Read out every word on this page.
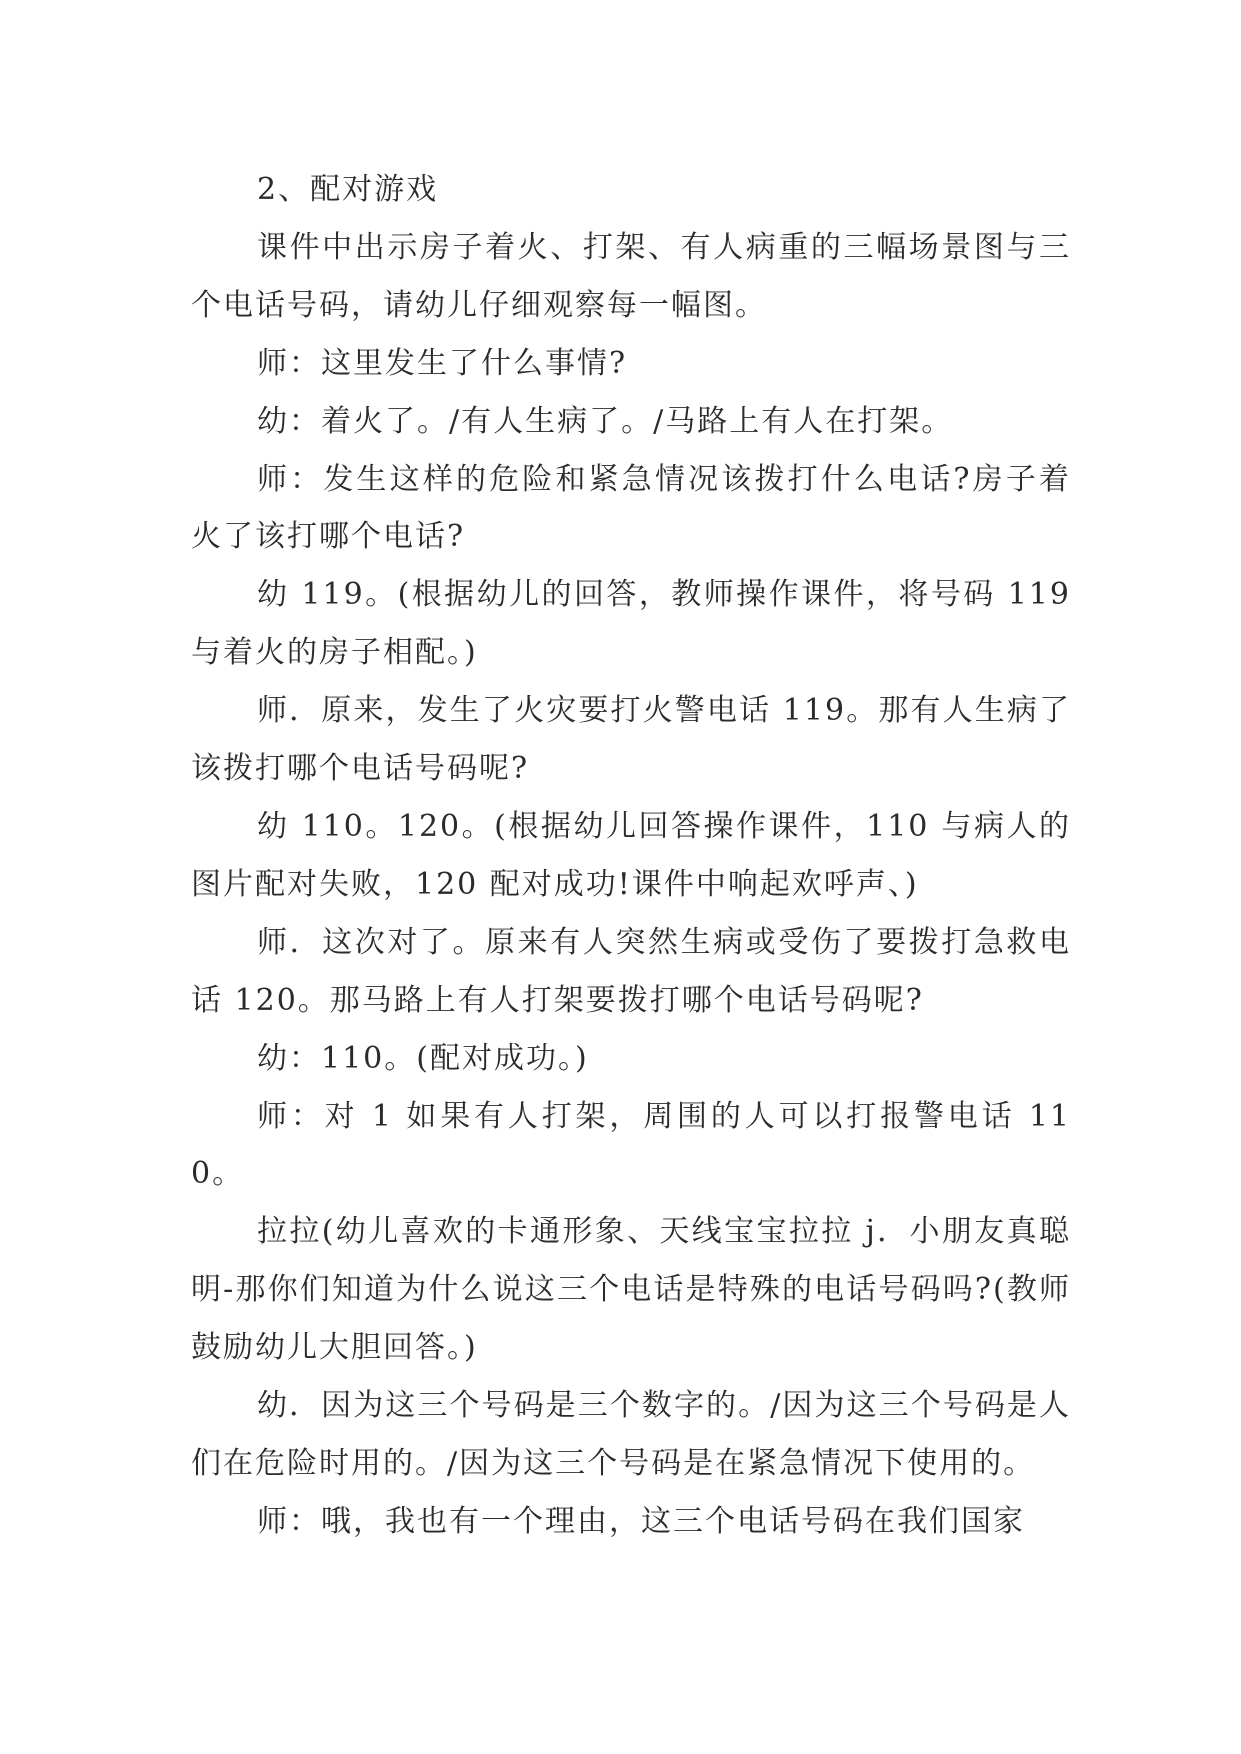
2、配对游戏

课件中出示房子着火、打架、有人病重的三幅场景图与三个电话号码，请幼儿仔细观察每一幅图。

师：这里发生了什么事情?

幼：着火了。/有人生病了。/马路上有人在打架。

师：发生这样的危险和紧急情况该拨打什么电话?房子着火了该打哪个电话?

幼 119。(根据幼儿的回答，教师操作课件，将号码 119 与着火的房子相配。)

师．原来，发生了火灾要打火警电话 119。那有人生病了该拨打哪个电话号码呢?

幼 110。120。(根据幼儿回答操作课件，110 与病人的图片配对失败，120 配对成功!课件中响起欢呼声、)

师．这次对了。原来有人突然生病或受伤了要拨打急救电话 120。那马路上有人打架要拨打哪个电话号码呢?

幼：110。(配对成功。)

师：对 1 如果有人打架，周围的人可以打报警电话 110。

拉拉(幼儿喜欢的卡通形象、天线宝宝拉拉 j．小朋友真聪明-那你们知道为什么说这三个电话是特殊的电话号码吗?(教师鼓励幼儿大胆回答。)

幼．因为这三个号码是三个数字的。/因为这三个号码是人们在危险时用的。/因为这三个号码是在紧急情况下使用的。

师：哦，我也有一个理由，这三个电话号码在我们国家
